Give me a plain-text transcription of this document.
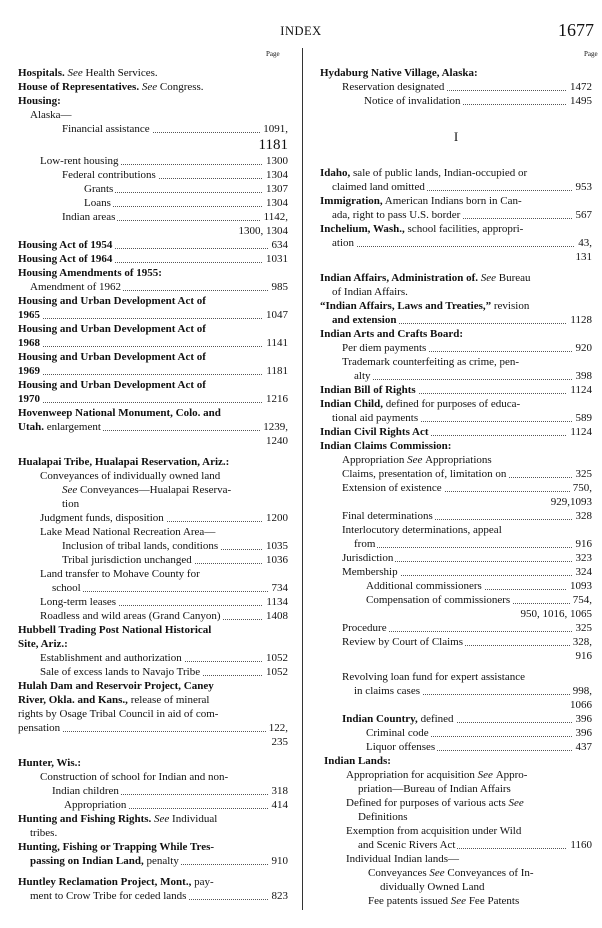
INDEX	1677
Page	Page
Hospitals. See Health Services.
House of Representatives. See Congress.
Housing:
Alaska—
Financial assistance	1091,
1181
Low-rent housing	1300
Federal contributions	1304
Grants	1307
Loans	1304
Indian areas	1142,
1300, 1304
Housing Act of 1954	634
Housing Act of 1964	1031
Housing Amendments of 1955:
Amendment of 1962	985
Housing and Urban Development Act of
1965	1047
Housing and Urban Development Act of
1968	1141
Housing and Urban Development Act of
1969	1181
Housing and Urban Development Act of
1970	1216
Hovenweep National Monument, Colo. and
Utah. enlargement	1239,
1240
Hualapai Tribe, Hualapai Reservation, Ariz.:
Conveyances of individually owned land
See Conveyances—Hualapai Reserva-
tion
Judgment funds, disposition	1200
Lake Mead National Recreation Area—
Inclusion of tribal lands, conditions	1035
Tribal jurisdiction unchanged	1036
Land transfer to Mohave County for
school	734
Long-term leases	1134
Roadless and wild areas (Grand Canyon)	1408
Hubbell Trading Post National Historical
Site, Ariz.:
Establishment and authorization	1052
Sale of excess lands to Navajo Tribe	1052
Hulah Dam and Reservoir Project, Caney
River, Okla. and Kans., release of mineral
rights by Osage Tribal Council in aid of com-
pensation	122,
235
Hunter, Wis.:
Construction of school for Indian and non-
Indian children	318
Appropriation	414
Hunting and Fishing Rights. See Individual
tribes.
Hunting, Fishing or Trapping While Tres-
passing on Indian Land, penalty	910
Huntley Reclamation Project, Mont., pay-
ment to Crow Tribe for ceded lands	823
Hydaburg Native Village, Alaska:
Reservation designated	1472
Notice of invalidation	1495
I
Idaho, sale of public lands, Indian-occupied or
claimed land omitted	953
Immigration, American Indians born in Can-
ada, right to pass U.S. border	567
Inchelium, Wash., school facilities, appropri-
ation	43,
131
Indian Affairs, Administration of. See Bureau
of Indian Affairs.
“Indian Affairs, Laws and Treaties,” revision
and extension	1128
Indian Arts and Crafts Board:
Per diem payments	920
Trademark counterfeiting as crime, pen-
alty	398
Indian Bill of Rights	1124
Indian Child, defined for purposes of educa-
tional aid payments	589
Indian Civil Rights Act	1124
Indian Claims Commission:
Appropriation See Appropriations
Claims, presentation of, limitation on	325
Extension of existence	750,
929,1093
Final determinations	328
Interlocutory determinations, appeal
from	916
Jurisdiction	323
Membership	324
Additional commissioners	1093
Compensation of commissioners	754,
950, 1016, 1065
Procedure	325
Review by Court of Claims	328,
916
Revolving loan fund for expert assistance
in claims cases	998,
1066
Indian Country, defined	396
Criminal code	396
Liquor offenses	437
Indian Lands:
Appropriation for acquisition See Appro-
priation—Bureau of Indian Affairs
Defined for purposes of various acts See
Definitions
Exemption from acquisition under Wild
and Scenic Rivers Act	1160
Individual Indian lands—
Conveyances See Conveyances of In-
dividually Owned Land
Fee patents issued See Fee Patents
